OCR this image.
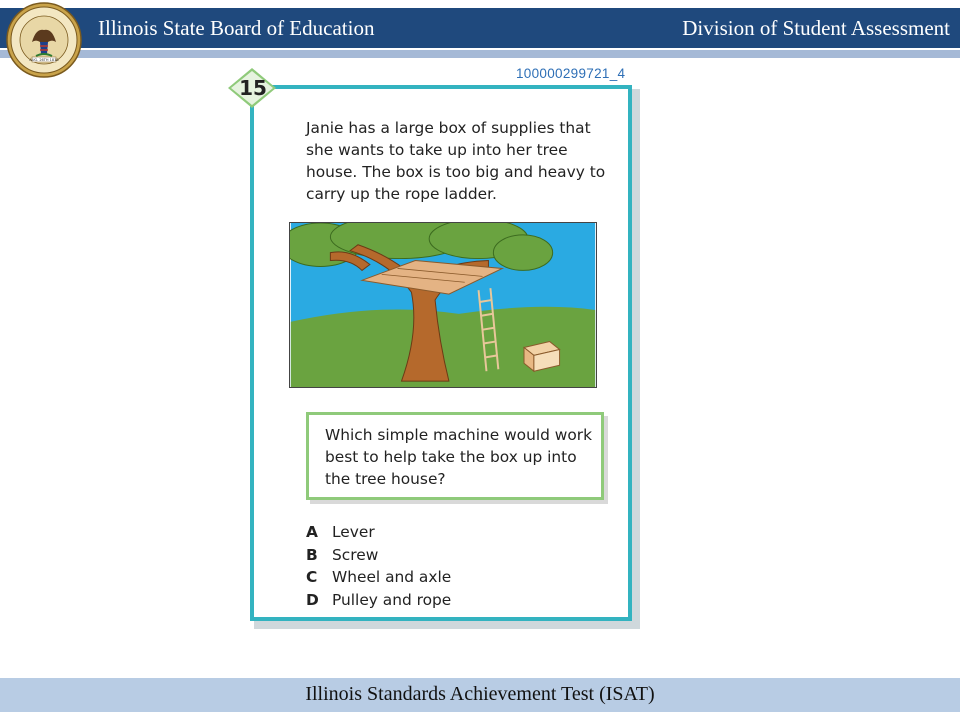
Illinois State Board of Education	Division of Student Assessment
AUG. 26TH 1818
100000299721_4
15
Janie has a large box of supplies that she wants to take up into her tree house. The box is too big and heavy to carry up the rope ladder.
Which simple machine would work best to help take the box up into the tree house?
A Lever
B Screw
C Wheel and axle
D Pulley and rope
Illinois Standards Achievement Test (ISAT)
